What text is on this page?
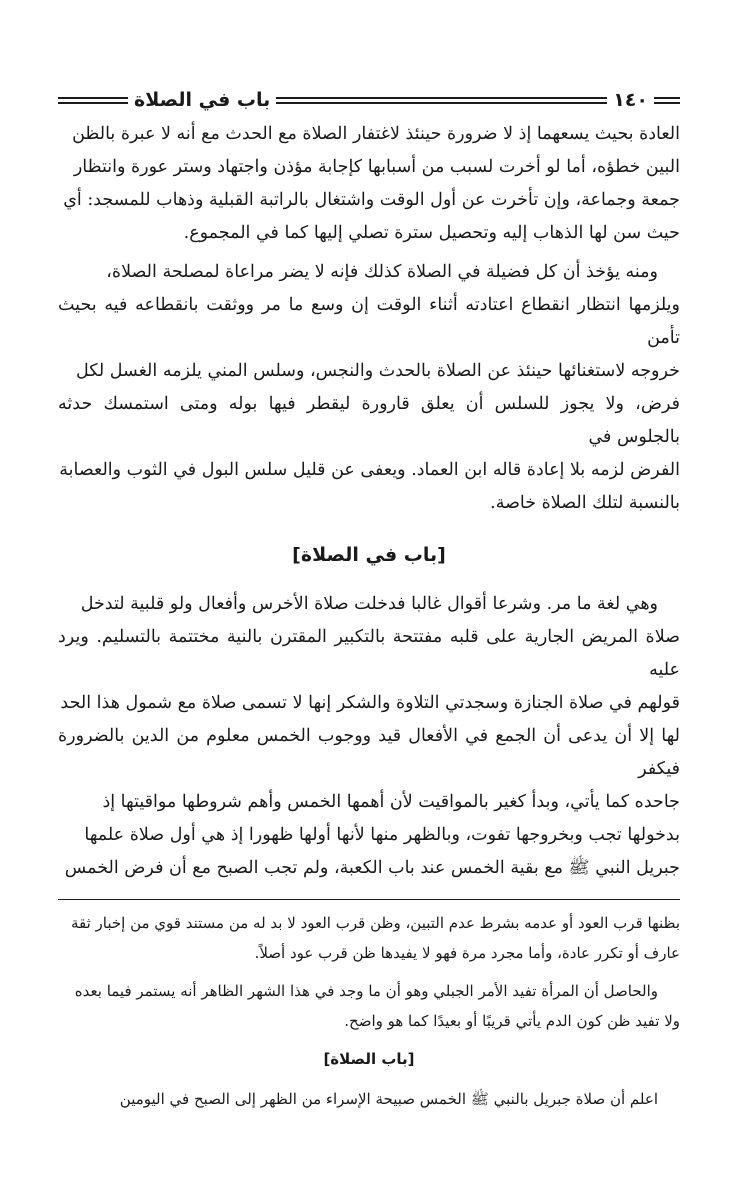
١٤٠
باب في الصلاة

العادة بحيث يسعهما إذ لا ضرورة حينئذ لاغتفار الصلاة مع الحدث مع أنه لا عبرة بالظن

البين خطؤه، أما لو أخرت لسبب من أسبابها كإجابة مؤذن واجتهاد وستر عورة وانتظار

جمعة وجماعة، وإن تأخرت عن أول الوقت واشتغال بالراتبة القبلية وذهاب للمسجد: أي

حيث سن لها الذهاب إليه وتحصيل سترة تصلي إليها كما في المجموع.

ومنه يؤخذ أن كل فضيلة في الصلاة كذلك فإنه لا يضر مراعاة لمصلحة الصلاة،

ويلزمها انتظار انقطاع اعتادته أثناء الوقت إن وسع ما مر ووثقت بانقطاعه فيه بحيث تأمن

خروجه لاستغنائها حينئذ عن الصلاة بالحدث والنجس، وسلس المني يلزمه الغسل لكل

فرض، ولا يجوز للسلس أن يعلق قارورة ليقطر فيها بوله ومتى استمسك حدثه بالجلوس في

الفرض لزمه بلا إعادة قاله ابن العماد. ويعفى عن قليل سلس البول في الثوب والعصابة

بالنسبة لتلك الصلاة خاصة.

[باب في الصلاة]

وهي لغة ما مر. وشرعا أقوال غالبا فدخلت صلاة الأخرس وأفعال ولو قلبية لتدخل

صلاة المريض الجارية على قلبه مفتتحة بالتكبير المقترن بالنية مختتمة بالتسليم. ويرد عليه

قولهم في صلاة الجنازة وسجدتي التلاوة والشكر إنها لا تسمى صلاة مع شمول هذا الحد

لها إلا أن يدعى أن الجمع في الأفعال قيد ووجوب الخمس معلوم من الدين بالضرورة فيكفر

جاحده كما يأتي، وبدأ كغير بالمواقيت لأن أهمها الخمس وأهم شروطها مواقيتها إذ

بدخولها تجب وبخروجها تفوت، وبالظهر منها لأنها أولها ظهورا إذ هي أول صلاة علمها

جبريل النبي ﷺ مع بقية الخمس عند باب الكعبة، ولم تجب الصبح مع أن فرض الخمس

بظنها قرب العود أو عدمه بشرط عدم التبين، وظن قرب العود لا بد له من مستند قوي من إخبار ثقة

عارف أو تكرر عادة، وأما مجرد مرة فهو لا يفيدها ظن قرب عود أصلاً.

والحاصل أن المرأة تفيد الأمر الجبلي وهو أن ما وجد في هذا الشهر الظاهر أنه يستمر فيما بعده

ولا تفيد ظن كون الدم يأتي قريبًا أو بعيدًا كما هو واضح.

[باب الصلاة]

اعلم أن صلاة جبريل بالنبي ﷺ الخمس صبيحة الإسراء من الظهر إلى الصبح في اليومين
